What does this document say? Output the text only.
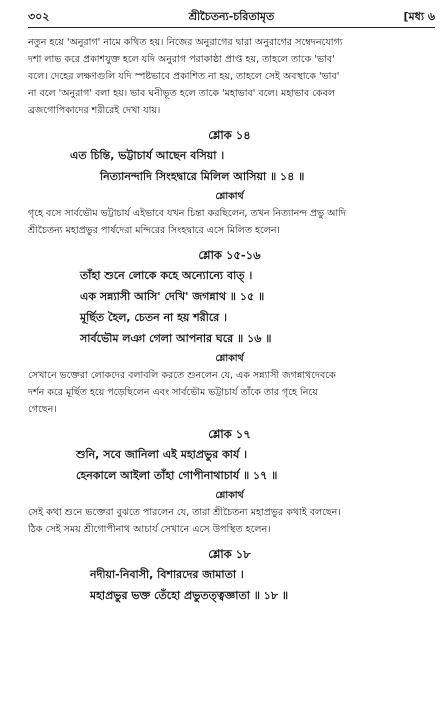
৩০২	শ্রীচৈতন্য-চরিতামৃত	[মধ্য ৬
নতুন হয়ে 'অনুরাগ' নামে কথিত হয়। নিজের অনুরাগের দ্বারা অনুরাগের সম্বেদনযোগ্য
দশা লাভ করে প্রকাশযুক্ত হলে যদি অনুরাগ পরাকাষ্ঠা প্রাপ্ত হয়, তাহলে তাকে 'ভাব'
বলে। দেহের লক্ষণগুলি যদি স্পষ্টভাবে প্রকাশিত না হয়, তাহলে সেই অবস্থাকে 'ভাব'
না বলে 'অনুরাগ' বলা হয়। ভাব ঘনীভূত হলে তাকে 'মহাভাব' বলে। মহাভাব কেবল
ব্রজগোপিকাদের শরীরেই দেখা যায়।
শ্লোক ১৪
এত চিন্তি, ভট্টাচার্য আছেন বসিয়া ।
নিত্যানন্দাদি সিংহদ্বারে মিলিল আসিয়া ॥ ১৪ ॥
শ্লোকার্থ
গৃহে বসে সার্বভৌম ভট্টাচার্য এইভাবে যখন চিন্তা করছিলেন, তখন নিত্যানন্দ প্রভু আদি
শ্রীচৈতন্য মহাপ্রভুর পার্ষদেরা মন্দিরের সিংহদ্বারে এসে মিলিত হলেন।
শ্লোক ১৫-১৬
তাঁহা শুনে লোকে কহে অন্যোন্যে বাত্ ।
এক সন্ন্যাসী আসি' দেখি' জগন্নাথ ॥ ১৫ ॥
মূর্ছিত হৈল, চেতন না হয় শরীরে ।
সার্বভৌম লঞা গেলা আপনার ঘরে ॥ ১৬ ॥
শ্লোকার্থ
সেখানে ভক্তেরা লোকদের বলাবলি করতে শুনলেন যে, এক সন্ন্যাসী জগন্নাথদেবকে
দর্শন করে মূর্ছিত হয়ে পড়েছিলেন এবং সার্বভৌম ভট্টাচার্য তাঁকে তার গৃহে নিয়ে
গেছেন।
শ্লোক ১৭
শুনি, সবে জানিলা এই মহাপ্রভুর কার্য ।
হেনকালে আইলা তাঁহা গোপীনাথাচার্য ॥ ১৭ ॥
শ্লোকার্থ
সেই কথা শুনে ভক্তেরা বুঝতে পারলেন যে, তারা শ্রীচৈতন্য মহাপ্রভুর কথাই বলছেন।
ঠিক সেই সময় শ্রীগোপীনাথ আচার্য সেখানে এসে উপস্থিত হলেন।
শ্লোক ১৮
নদীয়া-নিবাসী, বিশারদের জামাতা ।
মহাপ্রভুর ভক্ত তেঁহো প্রভুতত্ত্বজ্ঞাতা ॥ ১৮ ॥
